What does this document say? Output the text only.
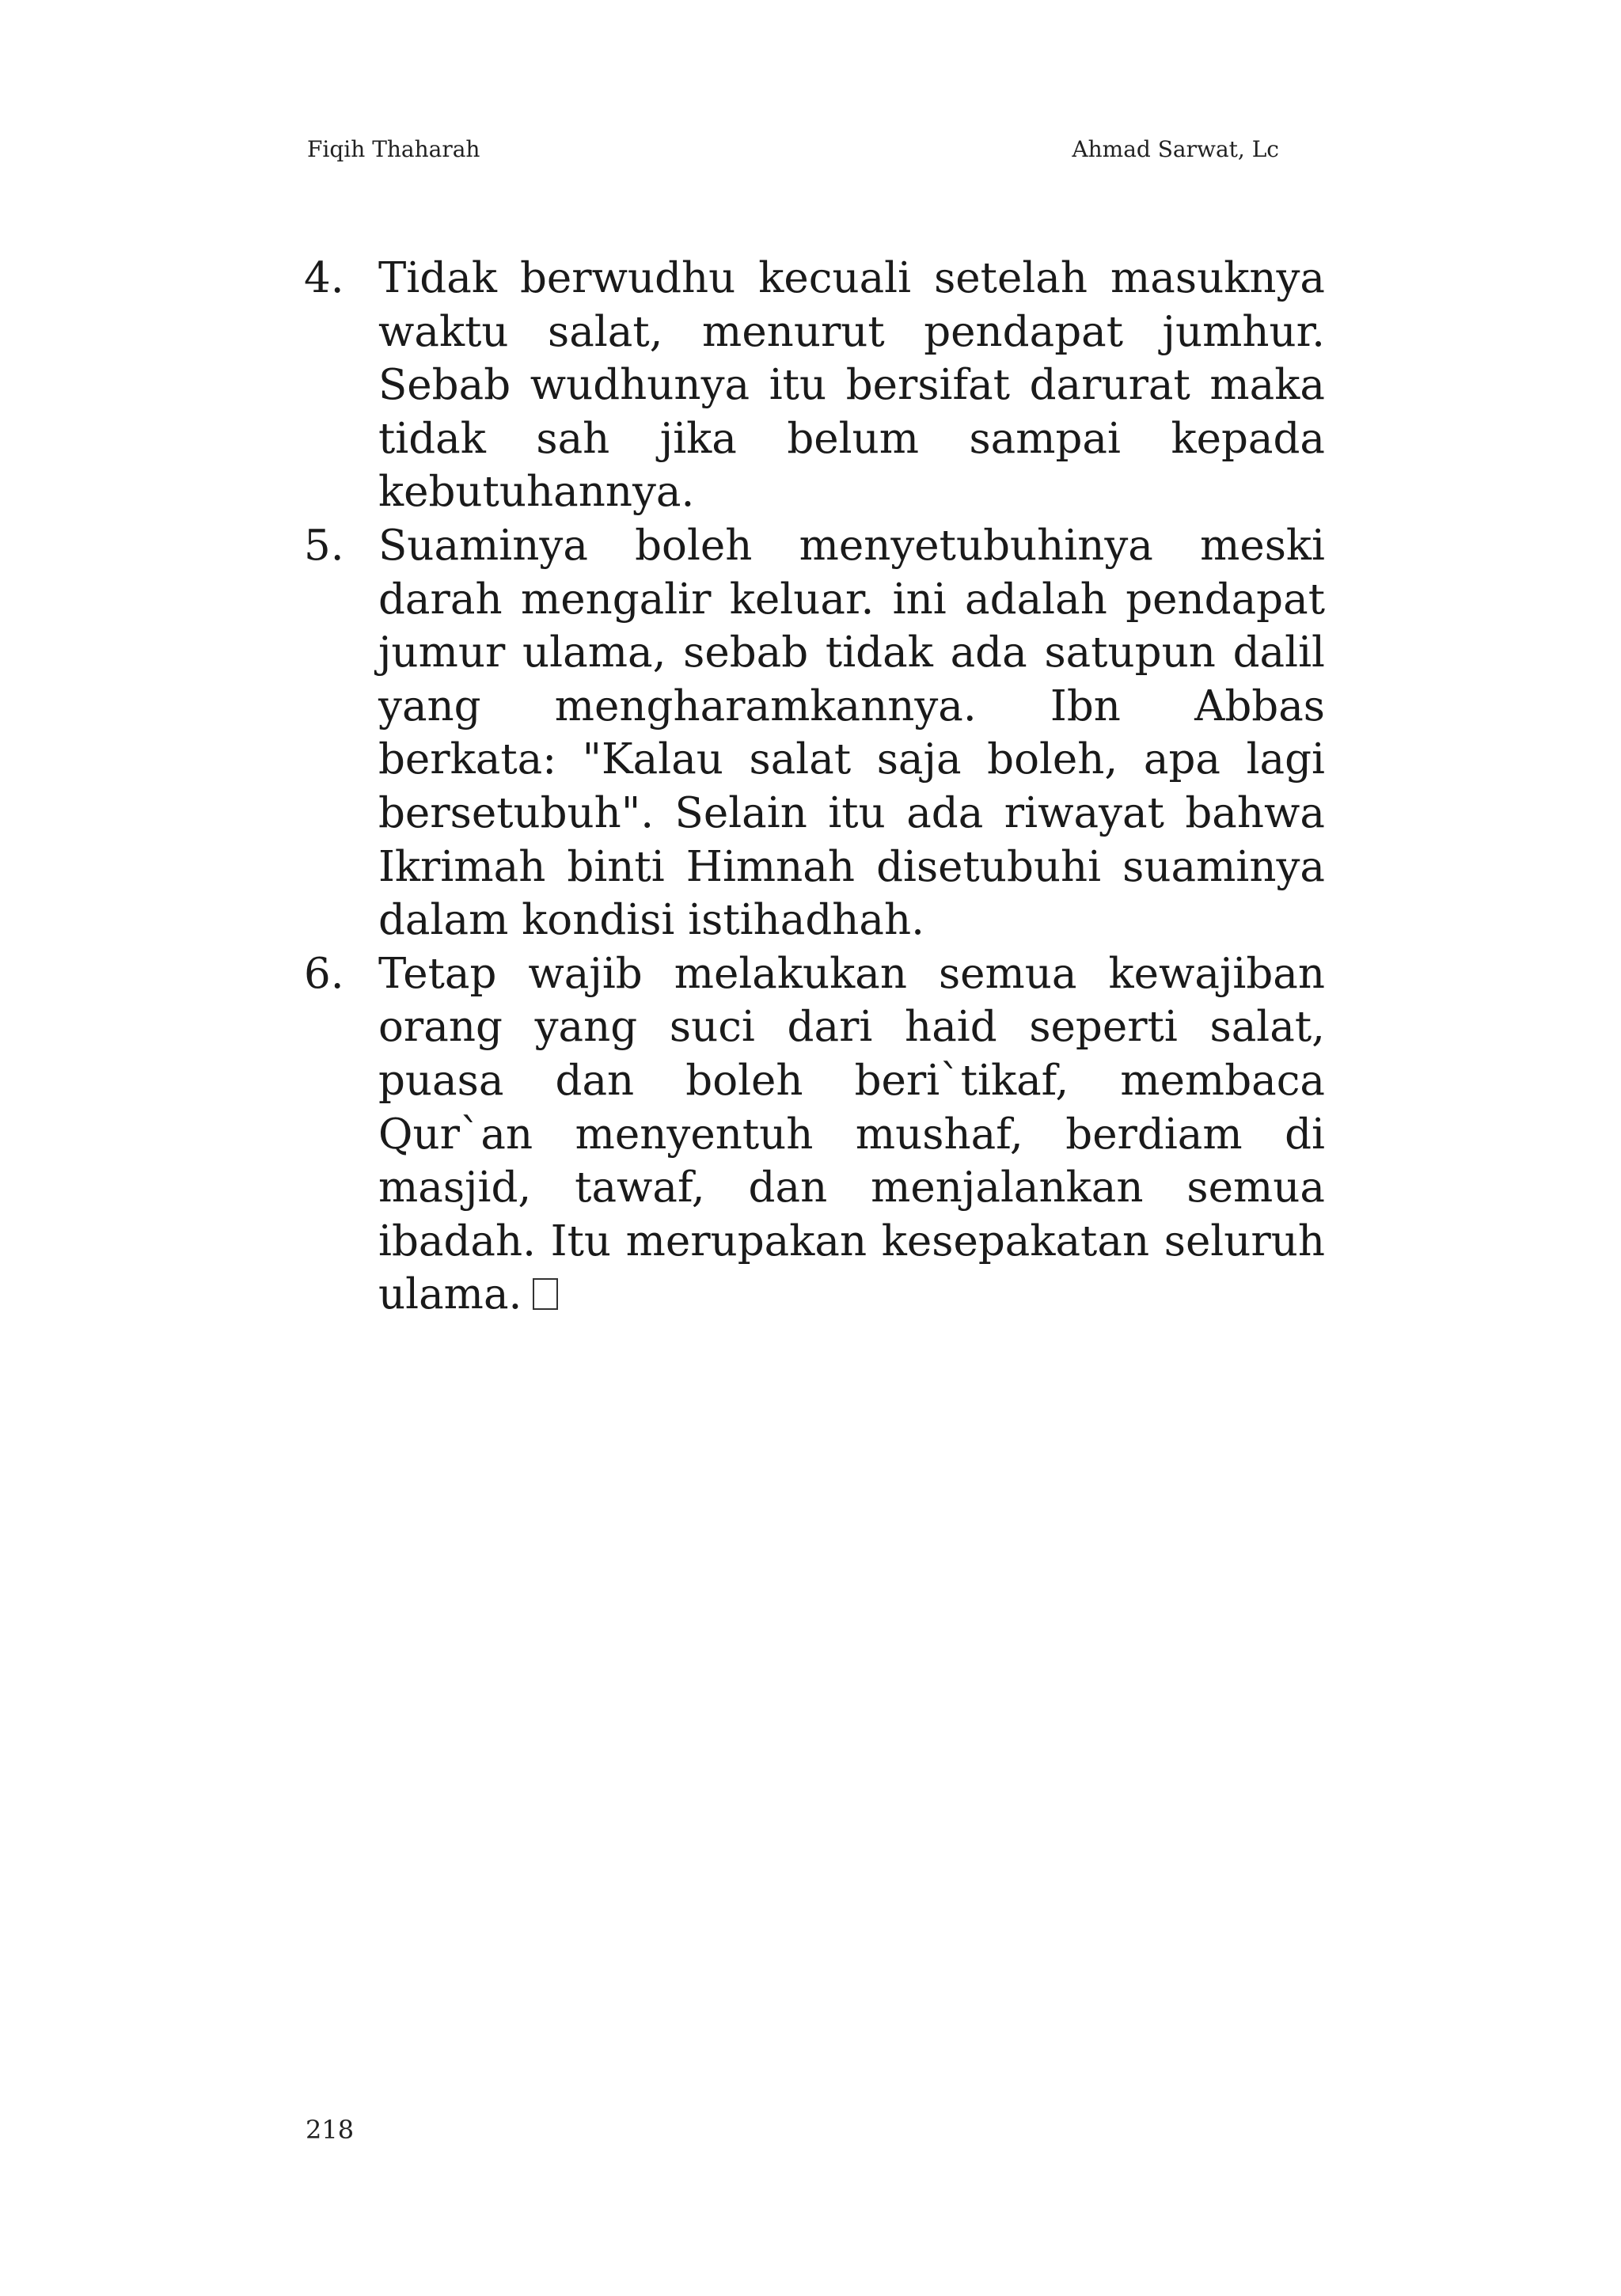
Fiqih Thaharah	Ahmad Sarwat, Lc
4. Tidak berwudhu kecuali setelah masuknya waktu salat, menurut pendapat jumhur. Sebab wudhunya itu bersifat darurat maka tidak sah jika belum sampai kepada kebutuhannya.
5. Suaminya boleh menyetubuhinya meski darah mengalir keluar. ini adalah pendapat jumur ulama, sebab tidak ada satupun dalil yang mengharamkannya. Ibn Abbas berkata: "Kalau salat saja boleh, apa lagi bersetubuh". Selain itu ada riwayat bahwa Ikrimah binti Himnah disetubuhi suaminya dalam kondisi istihadhah.
6. Tetap wajib melakukan semua kewajiban orang yang suci dari haid seperti salat, puasa dan boleh beri`tikaf, membaca Qur`an menyentuh mushaf, berdiam di masjid, tawaf, dan menjalankan semua ibadah. Itu merupakan kesepakatan seluruh ulama.
218
